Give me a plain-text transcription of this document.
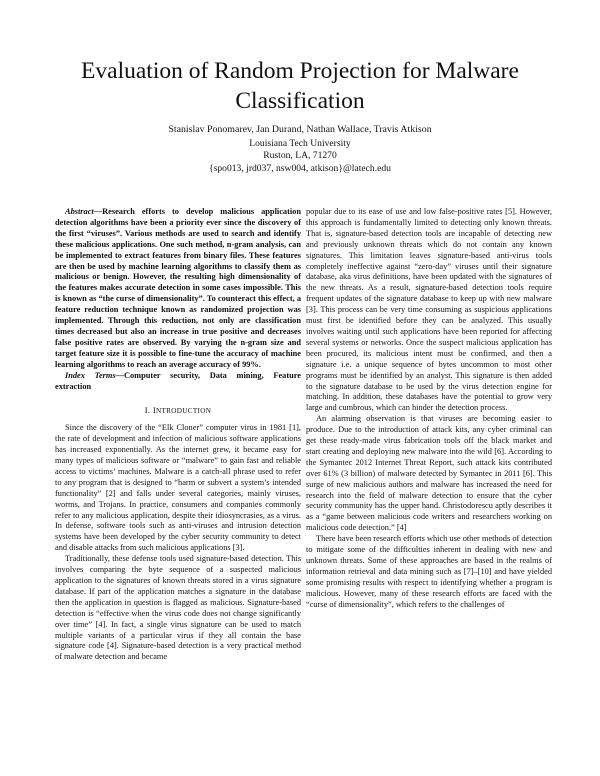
Evaluation of Random Projection for Malware Classification
Stanislav Ponomarev, Jan Durand, Nathan Wallace, Travis Atkison
Louisiana Tech University
Ruston, LA, 71270
{spo013, jrd037, nsw004, atkison}@latech.edu

Abstract—Research efforts to develop malicious application detection algorithms have been a priority ever since the discovery of the first “viruses”. Various methods are used to search and identify these malicious applications. One such method, n-gram analysis, can be implemented to extract features from binary files. These features are then be used by machine learning algorithms to classify them as malicious or benign. However, the resulting high dimensionality of the features makes accurate detection in some cases impossible. This is known as “the curse of dimensionality”. To counteract this effect, a feature reduction technique known as randomized projection was implemented. Through this reduction, not only are classification times decreased but also an increase in true positive and decreases false positive rates are observed. By varying the n-gram size and target feature size it is possible to fine-tune the accuracy of machine learning algorithms to reach an average accuracy of 99%.

Index Terms—Computer security, Data mining, Feature extraction

I. INTRODUCTION

Since the discovery of the “Elk Cloner” computer virus in 1981 [1], the rate of development and infection of malicious software applications has increased exponentially. As the internet grew, it became easy for many types of malicious software or “malware” to gain fast and reliable access to victims’ machines. Malware is a catch-all phrase used to refer to any program that is designed to “harm or subvert a system’s intended functionality” [2] and falls under several categories, mainly viruses, worms, and Trojans. In practice, consumers and companies commonly refer to any malicious application, despite their idiosyncrasies, as a virus. In defense, software tools such as anti-viruses and intrusion detection systems have been developed by the cyber security community to detect and disable attacks from such malicious applications [3].

Traditionally, these defense tools used signature-based detection. This involves comparing the byte sequence of a suspected malicious application to the signatures of known threats stored in a virus signature database. If part of the application matches a signature in the database then the application in question is flagged as malicious. Signature-based detection is “effective when the virus code does not change significantly over time” [4]. In fact, a single virus signature can be used to match multiple variants of a particular virus if they all contain the base signature code [4]. Signature-based detection is a very practical method of malware detection and became

popular due to its ease of use and low false-positive rates [5]. However, this approach is fundamentally limited to detecting only known threats. That is, signature-based detection tools are incapable of detecting new and previously unknown threats which do not contain any known signatures. This limitation leaves signature-based anti-virus tools completely ineffective against “zero-day” viruses until their signature database, aka virus definitions, have been updated with the signatures of the new threats. As a result, signature-based detection tools require frequent updates of the signature database to keep up with new malware [3]. This process can be very time consuming as suspicious applications must first be identified before they can be analyzed. This usually involves waiting until such applications have been reported for affecting several systems or networks. Once the suspect malicious application has been procured, its malicious intent must be confirmed, and then a signature i.e. a unique sequence of bytes uncommon to most other programs must be identified by an analyst. This signature is then added to the signature database to be used by the virus detection engine for matching. In addition, these databases have the potential to grow very large and cumbrous, which can hinder the detection process.

An alarming observation is that viruses are becoming easier to produce. Due to the introduction of attack kits, any cyber criminal can get these ready-made virus fabrication tools off the black market and start creating and deploying new malware into the wild [6]. According to the Symantec 2012 Internet Threat Report, such attack kits contributed over 61% (3 billion) of malware detected by Symantec in 2011 [6]. This surge of new malicious authors and malware has increased the need for research into the field of malware detection to ensure that the cyber security community has the upper hand. Christodorescu aptly describes it as a “game between malicious code writers and researchers working on malicious code detection.” [4]

There have been research efforts which use other methods of detection to mitigate some of the difficulties inherent in dealing with new and unknown threats. Some of these approaches are based in the realms of information retrieval and data mining such as [7]–[10] and have yielded some promising results with respect to identifying whether a program is malicious. However, many of these research efforts are faced with the “curse of dimensionality”, which refers to the challenges of
